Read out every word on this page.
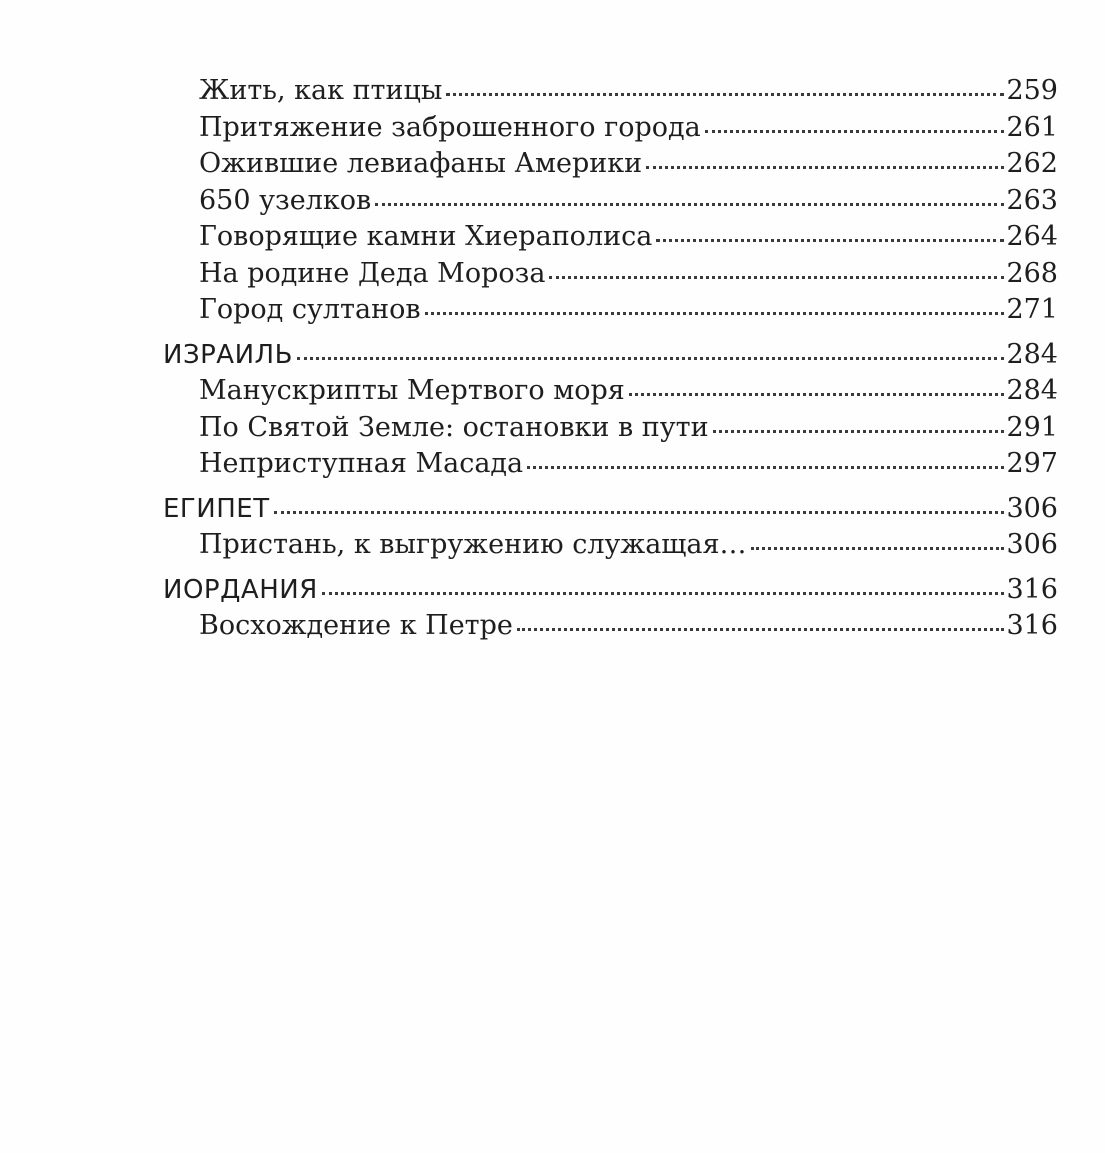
Жить, как птицы	259
Притяжение заброшенного города	261
Ожившие левиафаны Америки	262
650 узелков	263
Говорящие камни Хиераполиса	264
На родине Деда Мороза	268
Город султанов	271
ИЗРАИЛЬ	284
Манускрипты Мертвого моря	284
По Святой Земле: остановки в пути	291
Неприступная Масада	297
ЕГИПЕТ	306
Пристань, к выгружению служащая…	306
ИОРДАНИЯ	316
Восхождение к Петре	316
